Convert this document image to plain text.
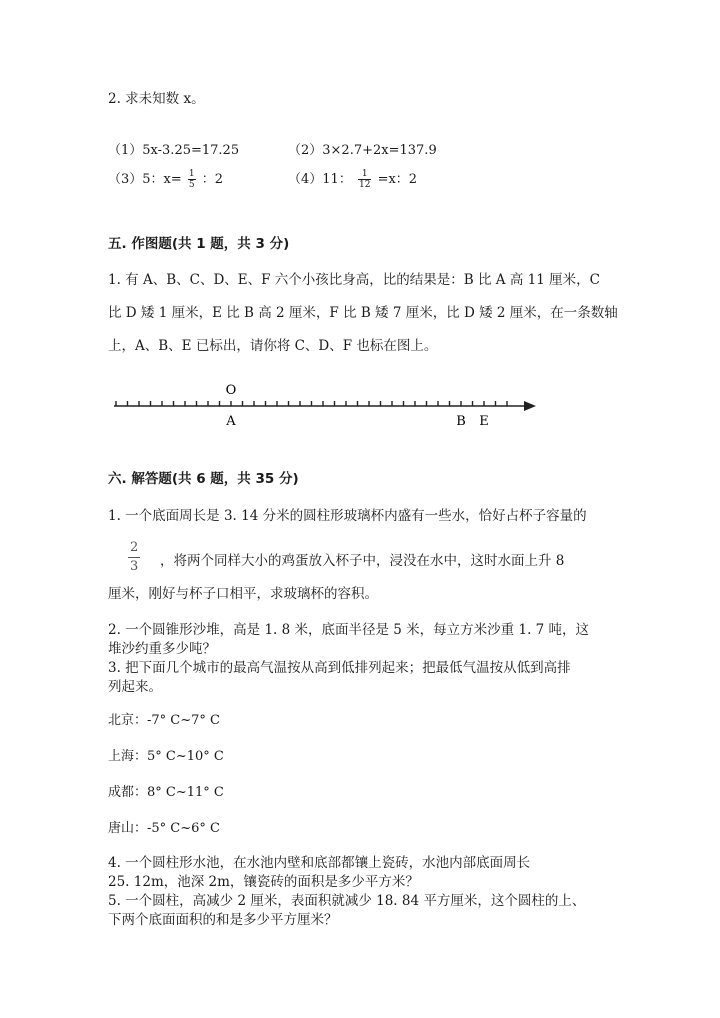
2. 求未知数 x。
（1）5x-3.25=17.25	（2）3×2.7+2x=137.9
（3）5：$x= \frac{1}{5}$ ：2	（4）11： $\frac{1}{12} =x$：2
五. 作图题(共 1 题，共 3 分)
1. 有 A、B、C、D、E、F 六个小孩比身高，比的结果是：B 比 A 高 11 厘米，C
比 D 矮 1 厘米，E 比 B 高 2 厘米，F 比 B 矮 7 厘米，比 D 矮 2 厘米，在一条数轴
上，A、B、E 已标出，请你将 C、D、F 也标在图上。
O
A	B E
六. 解答题(共 6 题，共 35 分)
1. 一个底面周长是 3. 14 分米的圆柱形玻璃杯内盛有一些水，恰好占杯子容量的
$\frac{2}{3}$ ，将两个同样大小的鸡蛋放入杯子中，浸没在水中，这时水面上升 8
厘米，刚好与杯子口相平，求玻璃杯的容积。
2. 一个圆锥形沙堆，高是 1. 8 米，底面半径是 5 米，每立方米沙重 1. 7 吨，这
堆沙约重多少吨？
3. 把下面几个城市的最高气温按从高到低排列起来；把最低气温按从低到高排
列起来。
北京：-7° C~7° C
上海：5° C~10° C
成都：8° C~11° C
唐山：-5° C~6° C
4. 一个圆柱形水池，在水池内壁和底部都镶上瓷砖，水池内部底面周长
25. 12m，池深 2m，镶瓷砖的面积是多少平方米？
5. 一个圆柱，高减少 2 厘米，表面积就减少 18. 84 平方厘米，这个圆柱的上、
下两个底面面积的和是多少平方厘米？
